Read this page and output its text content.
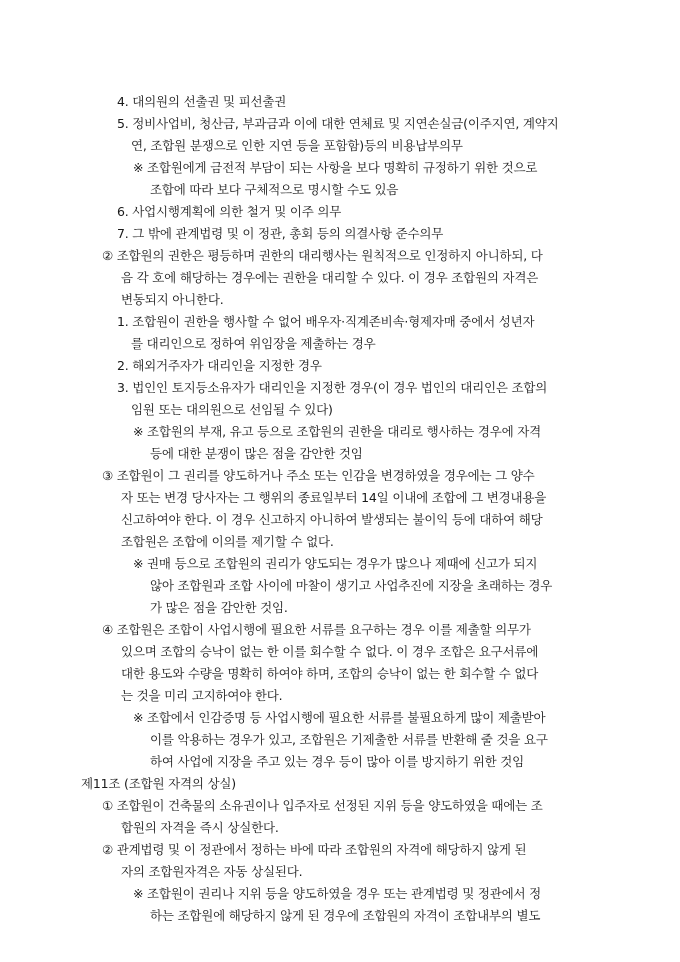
4. 대의원의 선출권 및 피선출권
5. 정비사업비, 청산금, 부과금과 이에 대한 연체료 및 지연손실금(이주지연, 계약지
연, 조합원 분쟁으로 인한 지연 등을 포함함)등의 비용납부의무
※ 조합원에게 금전적 부담이 되는 사항을 보다 명확히 규정하기 위한 것으로
조합에 따라 보다 구체적으로 명시할 수도 있음
6. 사업시행계획에 의한 철거 및 이주 의무
7. 그 밖에 관계법령 및 이 정관, 총회 등의 의결사항 준수의무
② 조합원의 권한은 평등하며 권한의 대리행사는 원칙적으로 인정하지 아니하되, 다
음 각 호에 해당하는 경우에는 권한을 대리할 수 있다. 이 경우 조합원의 자격은
변동되지 아니한다.
1. 조합원이 권한을 행사할 수 없어 배우자·직계존비속·형제자매 중에서 성년자
를 대리인으로 정하여 위임장을 제출하는 경우
2. 해외거주자가 대리인을 지정한 경우
3. 법인인 토지등소유자가 대리인을 지정한 경우(이 경우 법인의 대리인은 조합의
임원 또는 대의원으로 선임될 수 있다)
※ 조합원의 부재, 유고 등으로 조합원의 권한을 대리로 행사하는 경우에 자격
등에 대한 분쟁이 많은 점을 감안한 것임
③ 조합원이 그 권리를 양도하거나 주소 또는 인감을 변경하였을 경우에는 그 양수
자 또는 변경 당사자는 그 행위의 종료일부터 14일 이내에 조합에 그 변경내용을
신고하여야 한다. 이 경우 신고하지 아니하여 발생되는 불이익 등에 대하여 해당
조합원은 조합에 이의를 제기할 수 없다.
※ 권매 등으로 조합원의 권리가 양도되는 경우가 많으나 제때에 신고가 되지
않아 조합원과 조합 사이에 마찰이 생기고 사업추진에 지장을 초래하는 경우
가 많은 점을 감안한 것임.
④ 조합원은 조합이 사업시행에 필요한 서류를 요구하는 경우 이를 제출할 의무가
있으며 조합의 승낙이 없는 한 이를 회수할 수 없다. 이 경우 조합은 요구서류에
대한 용도와 수량을 명확히 하여야 하며, 조합의 승낙이 없는 한 회수할 수 없다
는 것을 미리 고지하여야 한다.
※ 조합에서 인감증명 등 사업시행에 필요한 서류를 불필요하게 많이 제출받아
이를 악용하는 경우가 있고, 조합원은 기제출한 서류를 반환해 줄 것을 요구
하여 사업에 지장을 주고 있는 경우 등이 많아 이를 방지하기 위한 것임
제11조 (조합원 자격의 상실)
① 조합원이 건축물의 소유권이나 입주자로 선정된 지위 등을 양도하였을 때에는 조
합원의 자격을 즉시 상실한다.
② 관계법령 및 이 정관에서 정하는 바에 따라 조합원의 자격에 해당하지 않게 된
자의 조합원자격은 자동 상실된다.
※ 조합원이 권리나 지위 등을 양도하였을 경우 또는 관계법령 및 정관에서 정
하는 조합원에 해당하지 않게 된 경우에 조합원의 자격이 조합내부의 별도
